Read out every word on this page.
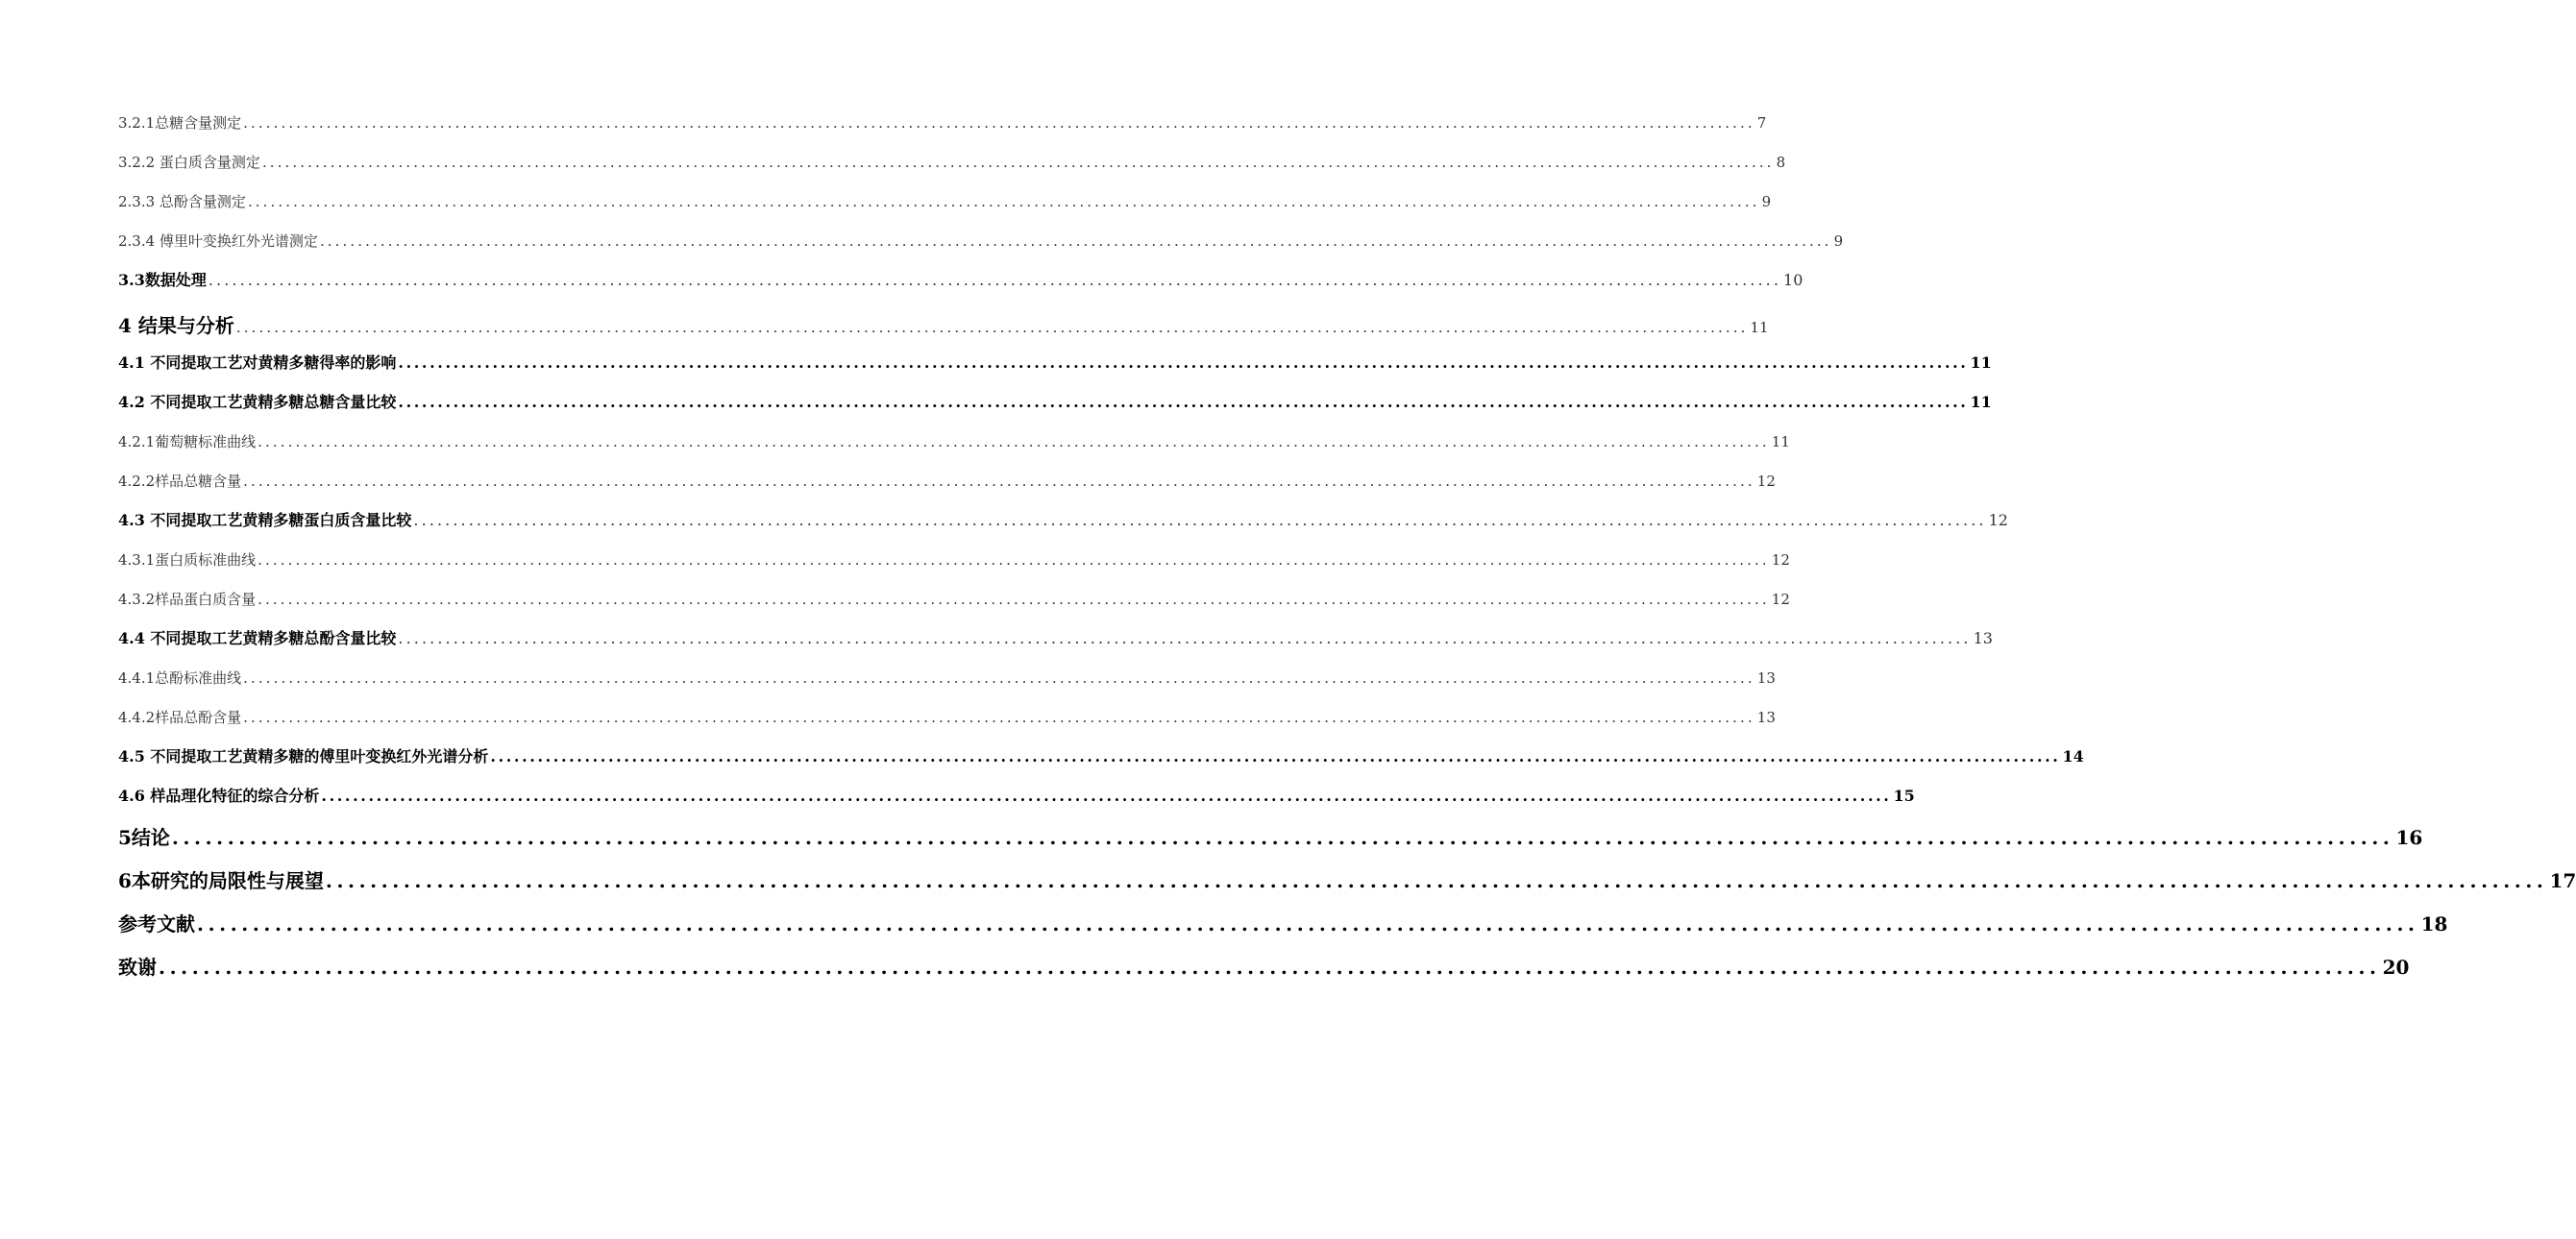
3.2.1总糖含量测定 ........................................................................................................................................................................................................ 7
3.2.2 蛋白质含量测定 ........................................................................................................................................................................................................ 8
2.3.3 总酚含量测定 ........................................................................................................................................................................................................ 9
2.3.4 傅里叶变换红外光谱测定 ........................................................................................................................................................................................................ 9
3.3数据处理 ........................................................................................................................................................................................................ 10
4 结果与分析 ........................................................................................................................................................................................................ 11
4.1 不同提取工艺对黄精多糖得率的影响 ........................................................................................................................................................................................................ 11
4.2 不同提取工艺黄精多糖总糖含量比较 ........................................................................................................................................................................................................ 11
4.2.1葡萄糖标准曲线 ........................................................................................................................................................................................................ 11
4.2.2样品总糖含量 ........................................................................................................................................................................................................ 12
4.3 不同提取工艺黄精多糖蛋白质含量比较 ........................................................................................................................................................................................................ 12
4.3.1蛋白质标准曲线 ........................................................................................................................................................................................................ 12
4.3.2样品蛋白质含量 ........................................................................................................................................................................................................ 12
4.4 不同提取工艺黄精多糖总酚含量比较 ........................................................................................................................................................................................................ 13
4.4.1总酚标准曲线 ........................................................................................................................................................................................................ 13
4.4.2样品总酚含量 ........................................................................................................................................................................................................ 13
4.5 不同提取工艺黄精多糖的傅里叶变换红外光谱分析 ........................................................................................................................................................................................................ 14
4.6 样品理化特征的综合分析 ........................................................................................................................................................................................................ 15
5结论 ........................................................................................................................................................................................................ 16
6本研究的局限性与展望 ........................................................................................................................................................................................................ 17
参考文献 ........................................................................................................................................................................................................ 18
致谢 ........................................................................................................................................................................................................ 20
